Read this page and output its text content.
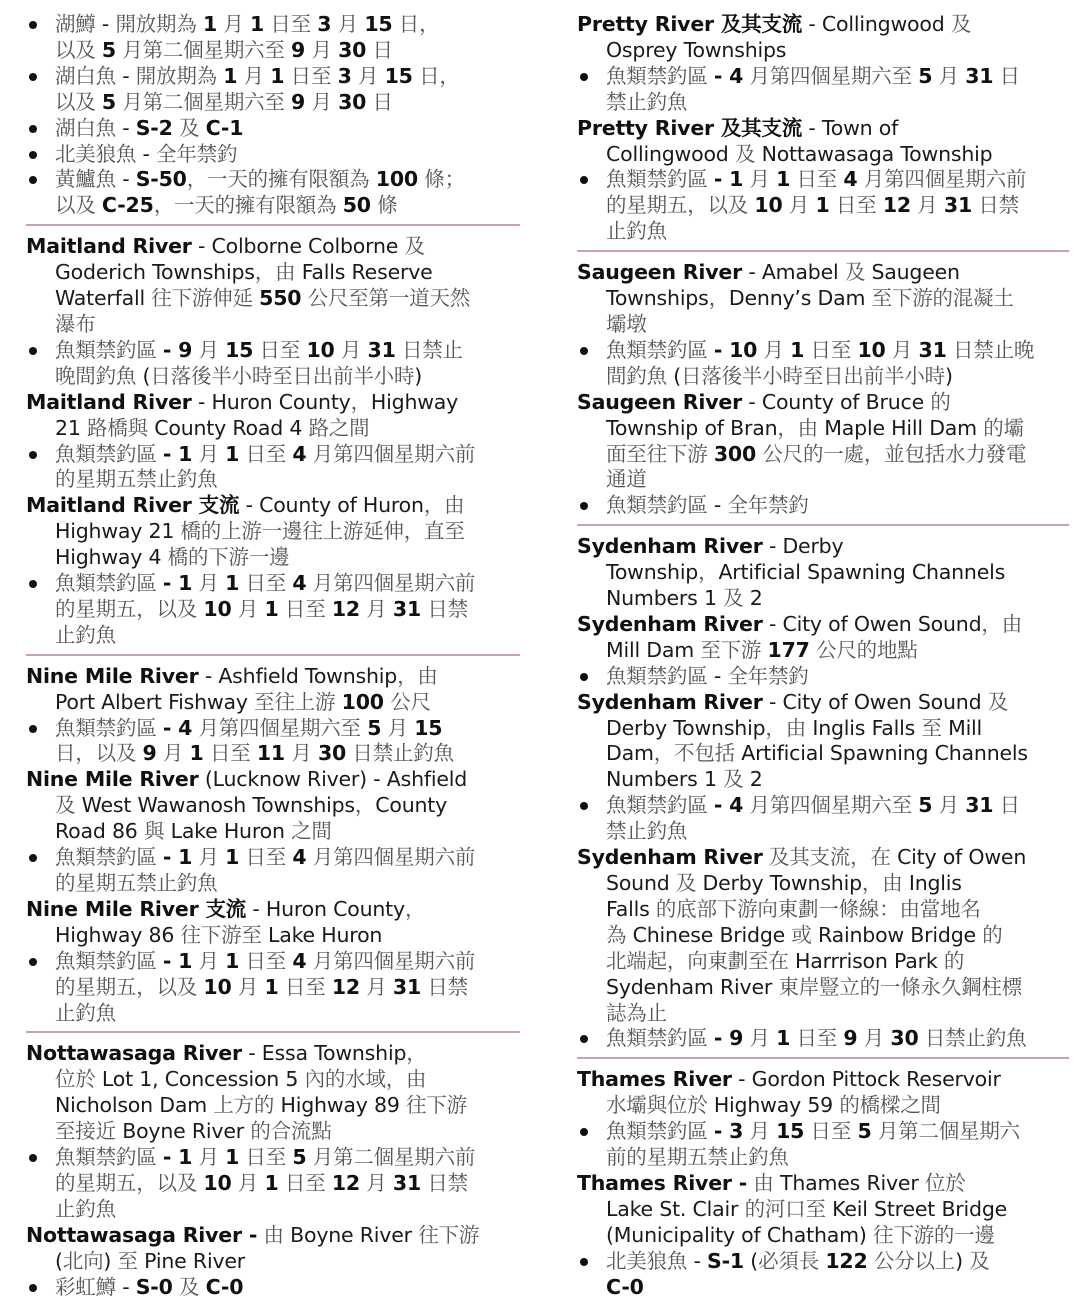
湖鱒 - 開放期為 1 月 1 日至 3 月 15 日，
以及 5 月第二個星期六至 9 月 30 日
湖白魚 - 開放期為 1 月 1 日至 3 月 15 日，
以及 5 月第二個星期六至 9 月 30 日
湖白魚 - S-2 及 C-1
北美狼魚 - 全年禁釣
黃鱸魚 - S-50，一天的擁有限額為 100 條；
以及 C-25，一天的擁有限額為 50 條
Maitland River - Colborne Colborne 及
Goderich Townships，由 Falls Reserve
Waterfall 往下游伸延 550 公尺至第一道天然
瀑布
魚類禁釣區 - 9 月 15 日至 10 月 31 日禁止
晚間釣魚 (日落後半小時至日出前半小時)
Maitland River - Huron County，Highway
21 路橋與 County Road 4 路之間
魚類禁釣區 - 1 月 1 日至 4 月第四個星期六前
的星期五禁止釣魚
Maitland River 支流 - County of Huron，由
Highway 21 橋的上游一邊往上游延伸，直至
Highway 4 橋的下游一邊
魚類禁釣區 - 1 月 1 日至 4 月第四個星期六前
的星期五，以及 10 月 1 日至 12 月 31 日禁
止釣魚
Nine Mile River - Ashfield Township，由
Port Albert Fishway 至往上游 100 公尺
魚類禁釣區 - 4 月第四個星期六至 5 月 15
日，以及 9 月 1 日至 11 月 30 日禁止釣魚
Nine Mile River (Lucknow River) - Ashfield
及 West Wawanosh Townships，County
Road 86 與 Lake Huron 之間
魚類禁釣區 - 1 月 1 日至 4 月第四個星期六前
的星期五禁止釣魚
Nine Mile River 支流 - Huron County，
Highway 86 往下游至 Lake Huron
魚類禁釣區 - 1 月 1 日至 4 月第四個星期六前
的星期五，以及 10 月 1 日至 12 月 31 日禁
止釣魚
Nottawasaga River - Essa Township，
位於 Lot 1, Concession 5 內的水域，由
Nicholson Dam 上方的 Highway 89 往下游
至接近 Boyne River 的合流點
魚類禁釣區 - 1 月 1 日至 5 月第二個星期六前
的星期五，以及 10 月 1 日至 12 月 31 日禁
止釣魚
Nottawasaga River - 由 Boyne River 往下游
(北向) 至 Pine River
彩虹鱒 - S-0 及 C-0
Pretty River 及其支流 - Collingwood 及
Osprey Townships
魚類禁釣區 - 4 月第四個星期六至 5 月 31 日
禁止釣魚
Pretty River 及其支流 - Town of
Collingwood 及 Nottawasaga Township
魚類禁釣區 - 1 月 1 日至 4 月第四個星期六前
的星期五，以及 10 月 1 日至 12 月 31 日禁
止釣魚
Saugeen River - Amabel 及 Saugeen
Townships，Denny’s Dam 至下游的混凝土
壩墩
魚類禁釣區 - 10 月 1 日至 10 月 31 日禁止晚
間釣魚 (日落後半小時至日出前半小時)
Saugeen River - County of Bruce 的
Township of Bran，由 Maple Hill Dam 的壩
面至往下游 300 公尺的一處，並包括水力發電
通道
魚類禁釣區 - 全年禁釣
Sydenham River - Derby
Township，Artificial Spawning Channels
Numbers 1 及 2
Sydenham River - City of Owen Sound，由
Mill Dam 至下游 177 公尺的地點
魚類禁釣區 - 全年禁釣
Sydenham River - City of Owen Sound 及
Derby Township，由 Inglis Falls 至 Mill
Dam，不包括 Artificial Spawning Channels
Numbers 1 及 2
魚類禁釣區 - 4 月第四個星期六至 5 月 31 日
禁止釣魚
Sydenham River 及其支流，在 City of Owen
Sound 及 Derby Township，由 Inglis
Falls 的底部下游向東劃一條線：由當地名
為 Chinese Bridge 或 Rainbow Bridge 的
北端起，向東劃至在 Harrrison Park 的
Sydenham River 東岸豎立的一條永久鋼柱標
誌為止
魚類禁釣區 - 9 月 1 日至 9 月 30 日禁止釣魚
Thames River - Gordon Pittock Reservoir
水壩與位於 Highway 59 的橋樑之間
魚類禁釣區 - 3 月 15 日至 5 月第二個星期六
前的星期五禁止釣魚
Thames River - 由 Thames River 位於
Lake St. Clair 的河口至 Keil Street Bridge
(Municipality of Chatham) 往下游的一邊
北美狼魚 - S-1 (必須長 122 公分以上) 及
C-0
